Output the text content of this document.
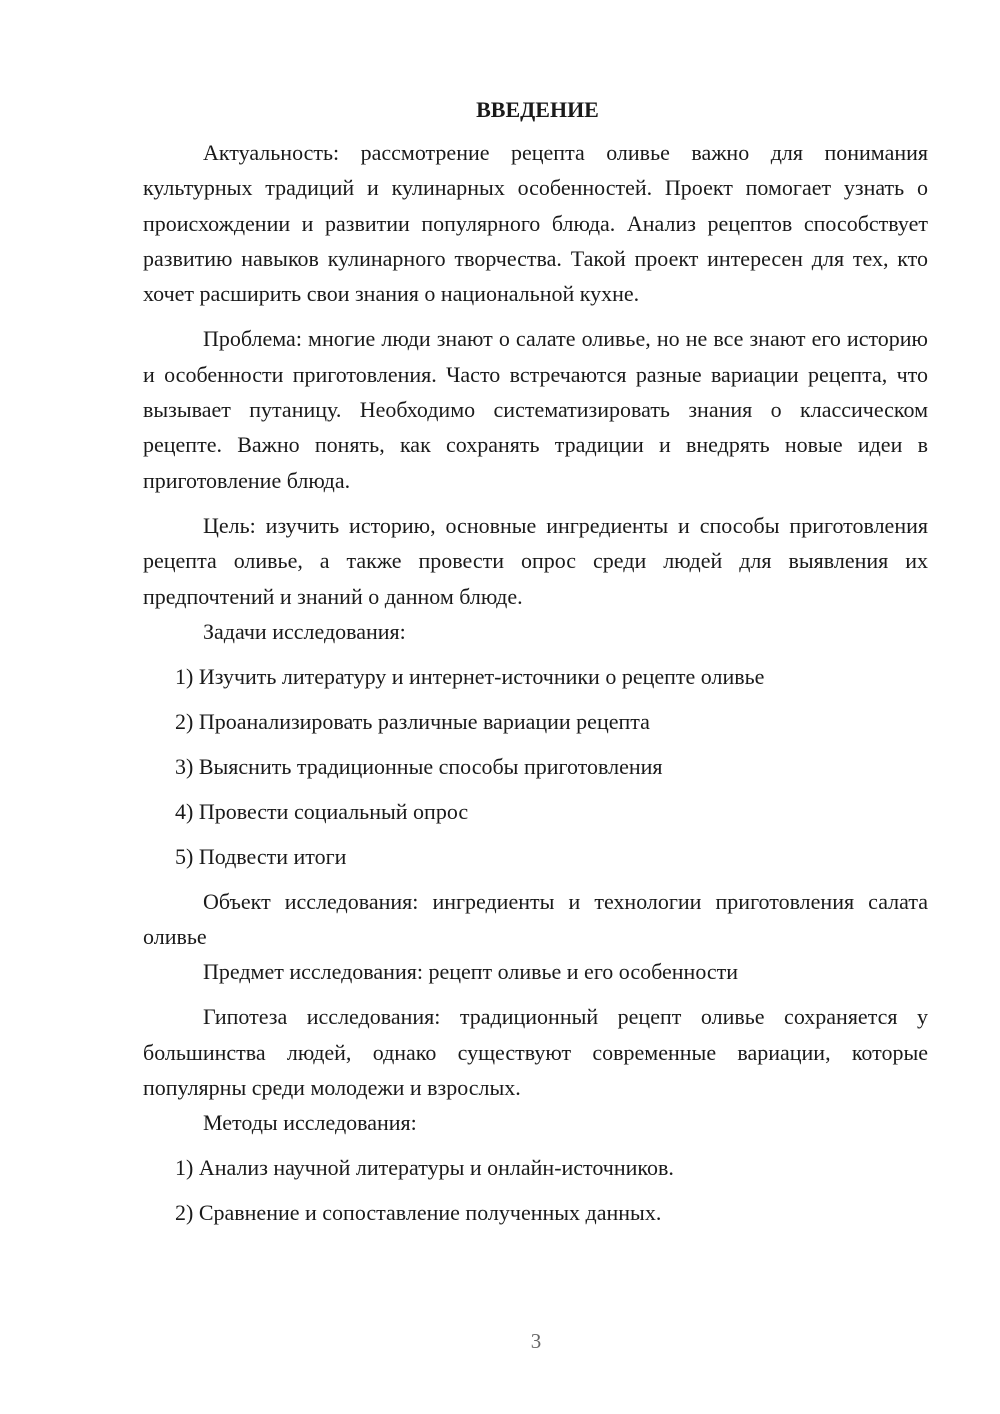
ВВЕДЕНИЕ

Актуальность: рассмотрение рецепта оливье важно для понимания культурных традиций и кулинарных особенностей. Проект помогает узнать о происхождении и развитии популярного блюда. Анализ рецептов способствует развитию навыков кулинарного творчества. Такой проект интересен для тех, кто хочет расширить свои знания о национальной кухне.

Проблема: многие люди знают о салате оливье, но не все знают его историю и особенности приготовления. Часто встречаются разные вариации рецепта, что вызывает путаницу. Необходимо систематизировать знания о классическом рецепте. Важно понять, как сохранять традиции и внедрять новые идеи в приготовление блюда.

Цель: изучить историю, основные ингредиенты и способы приготовления рецепта оливье, а также провести опрос среди людей для выявления их предпочтений и знаний о данном блюде.

Задачи исследования:

1) Изучить литературу и интернет-источники о рецепте оливье

2) Проанализировать различные вариации рецепта

3) Выяснить традиционные способы приготовления

4) Провести социальный опрос

5) Подвести итоги

Объект исследования: ингредиенты и технологии приготовления салата оливье

Предмет исследования: рецепт оливье и его особенности

Гипотеза исследования: традиционный рецепт оливье сохраняется у большинства людей, однако существуют современные вариации, которые популярны среди молодежи и взрослых.

Методы исследования:

1) Анализ научной литературы и онлайн-источников.

2) Сравнение и сопоставление полученных данных.

3
